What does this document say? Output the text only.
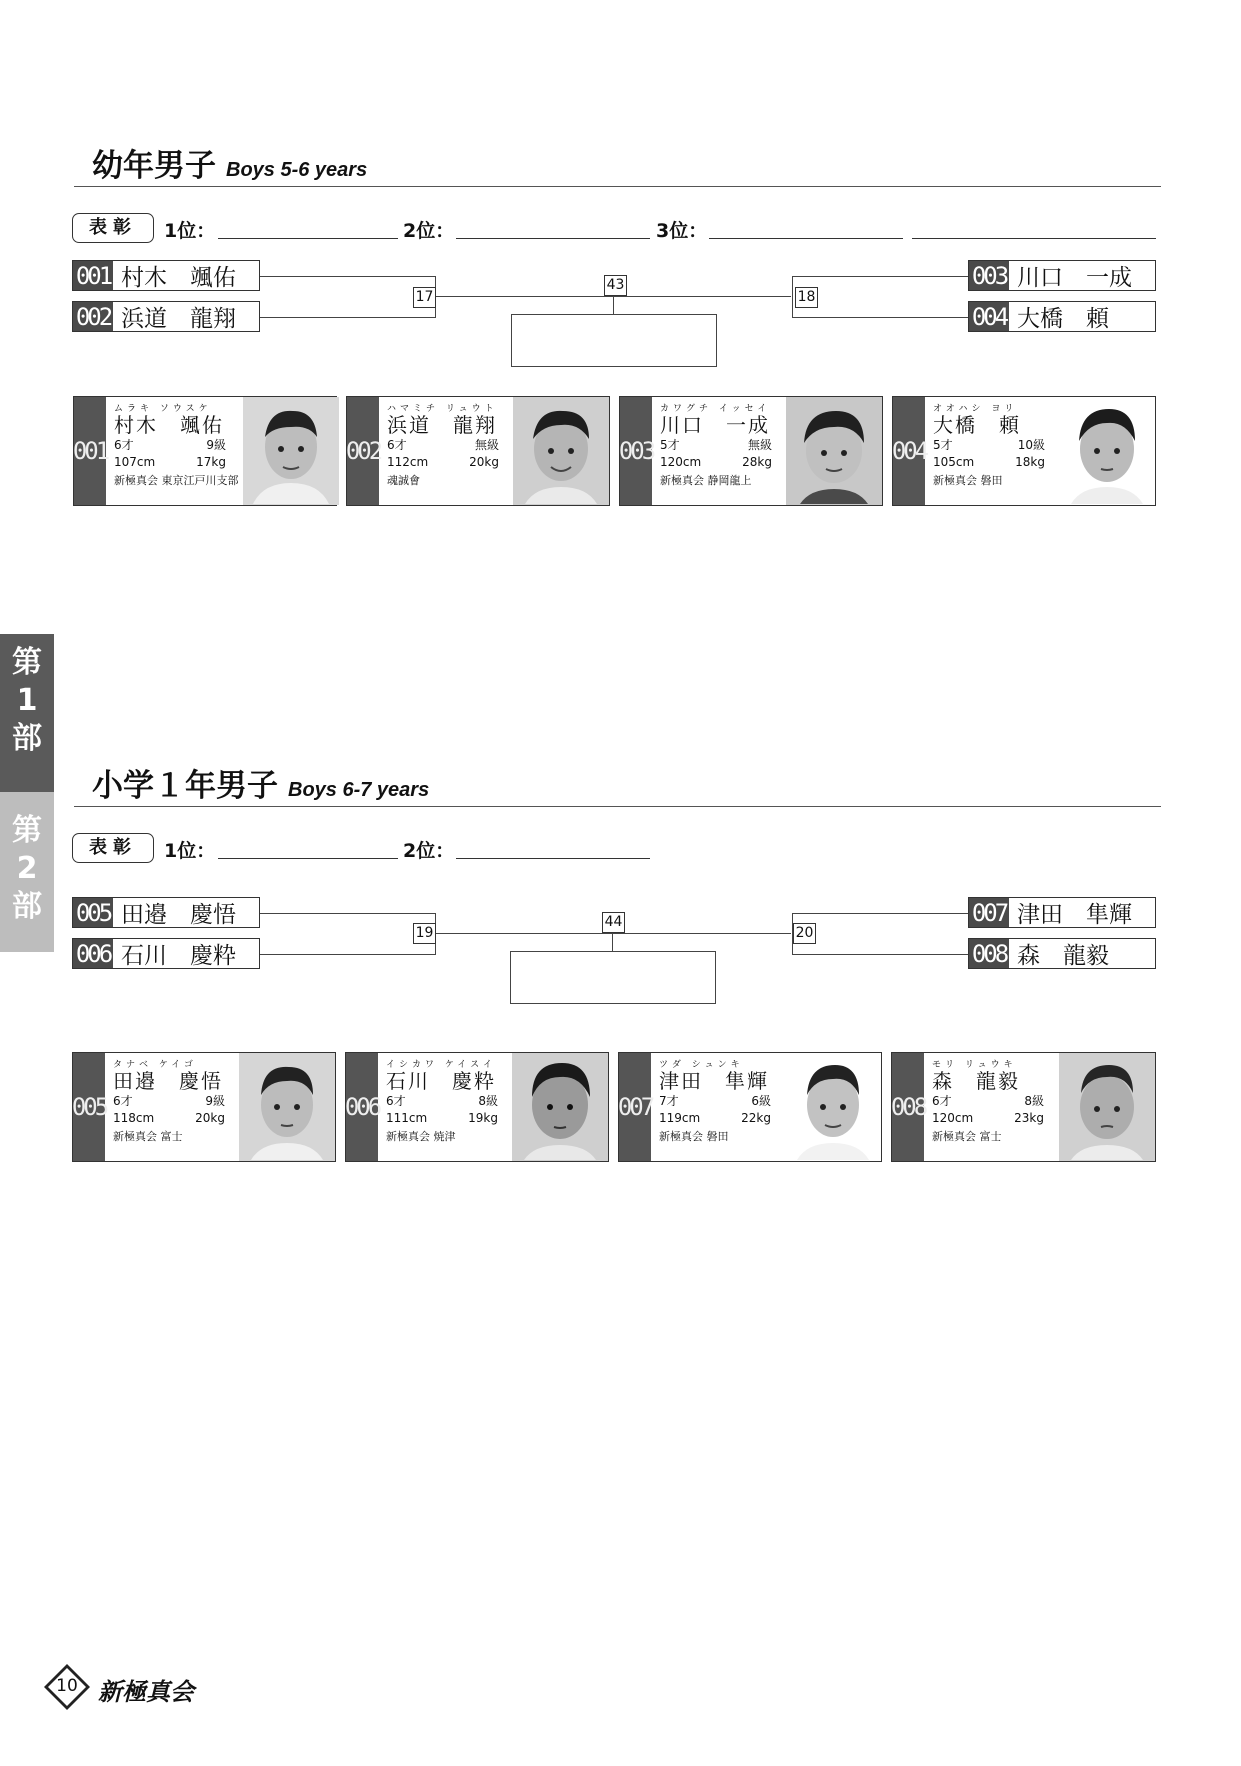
第
1
部
第
2
部
幼年男子 Boys 5-6 years
表彰	1位：	2位：	3位：
001 村木　颯佑
002 浜道　龍翔
003 川口　一成
004 大橋　頼
17
43
18
001
ムラキ ソウスケ
村木　颯佑
6才	9級
107cm	17kg
新極真会 東京江戸川支部
002
ハマミチ リュウト
浜道　龍翔
6才	無級
112cm	20kg
魂誠會
003
カワグチ イッセイ
川口　一成
5才	無級
120cm	28kg
新極真会 静岡龍上
004
オオハシ ヨリ
大橋　頼
5才	10級
105cm	18kg
新極真会 磐田
小学１年男子 Boys 6-7 years
表彰	1位：	2位：
005 田邉　慶悟
006 石川　慶粋
007 津田　隼輝
008 森　龍毅
19
44
20
005
タナベ ケイゴ
田邉　慶悟
6才	9級
118cm	20kg
新極真会 富士
006
イシカワ ケイスイ
石川　慶粋
6才	8級
111cm	19kg
新極真会 焼津
007
ツダ シュンキ
津田　隼輝
7才	6級
119cm	22kg
新極真会 磐田
008
モリ リュウキ
森　龍毅
6才	8級
120cm	23kg
新極真会 富士
10 新極真会
